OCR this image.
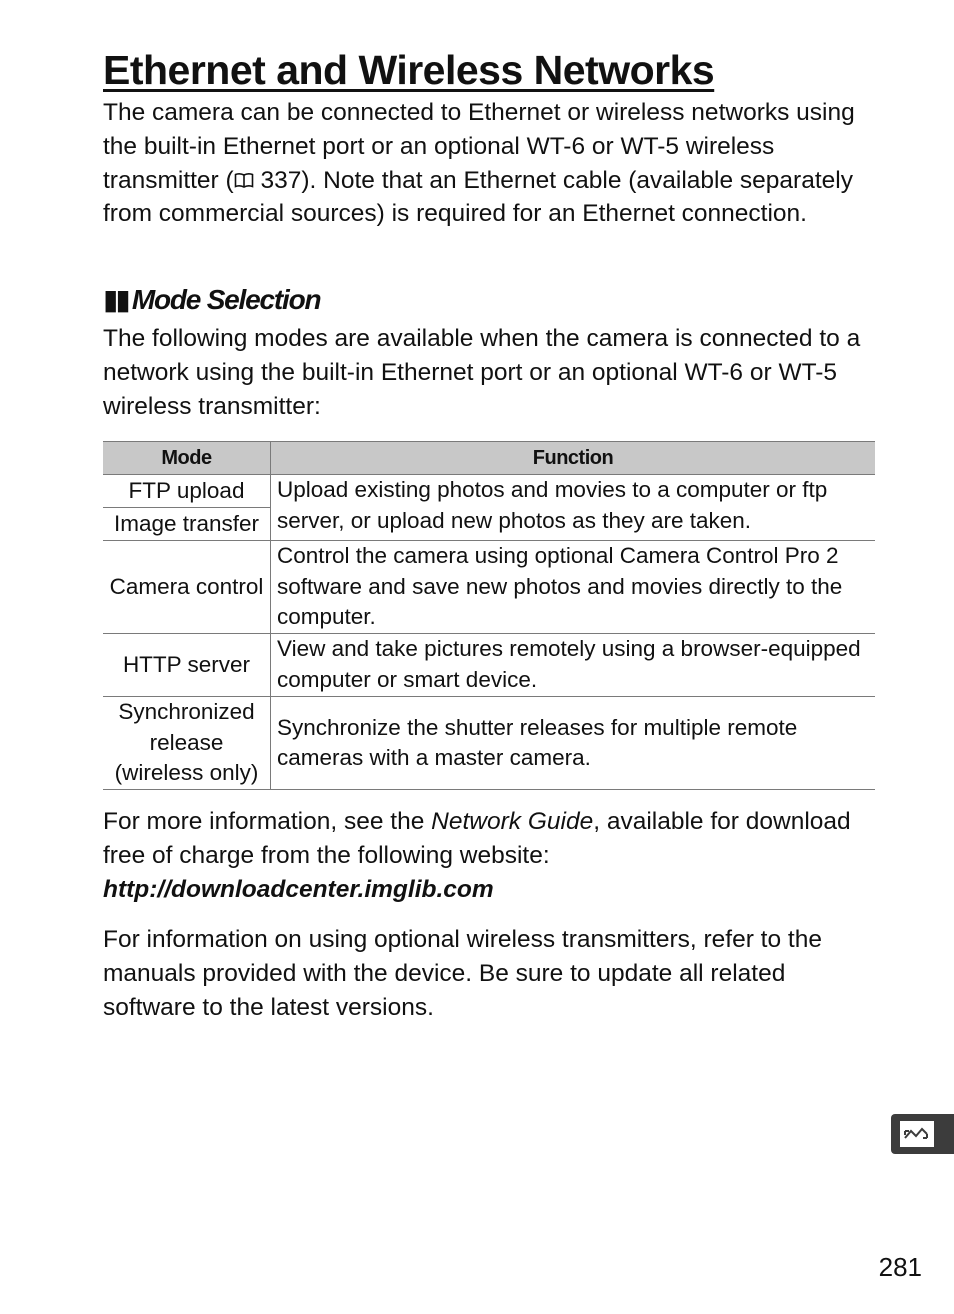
Ethernet and Wireless Networks

The camera can be connected to Ethernet or wireless networks using the built-in Ethernet port or an optional WT-6 or WT-5 wireless transmitter ( 337). Note that an Ethernet cable (available separately from commercial sources) is required for an Ethernet connection.

▮▮ Mode Selection

The following modes are available when the camera is connected to a network using the built-in Ethernet port or an optional WT-6 or WT-5 wireless transmitter:

Mode	Function
FTP upload	Upload existing photos and movies to a computer or ftp server, or upload new photos as they are taken.
Image transfer	
Camera control	Control the camera using optional Camera Control Pro 2 software and save new photos and movies directly to the computer.
HTTP server	View and take pictures remotely using a browser-equipped computer or smart device.
Synchronized release (wireless only)	Synchronize the shutter releases for multiple remote cameras with a master camera.

For more information, see the Network Guide, available for download free of charge from the following website:
http://downloadcenter.imglib.com

For information on using optional wireless transmitters, refer to the manuals provided with the device. Be sure to update all related software to the latest versions.

281
